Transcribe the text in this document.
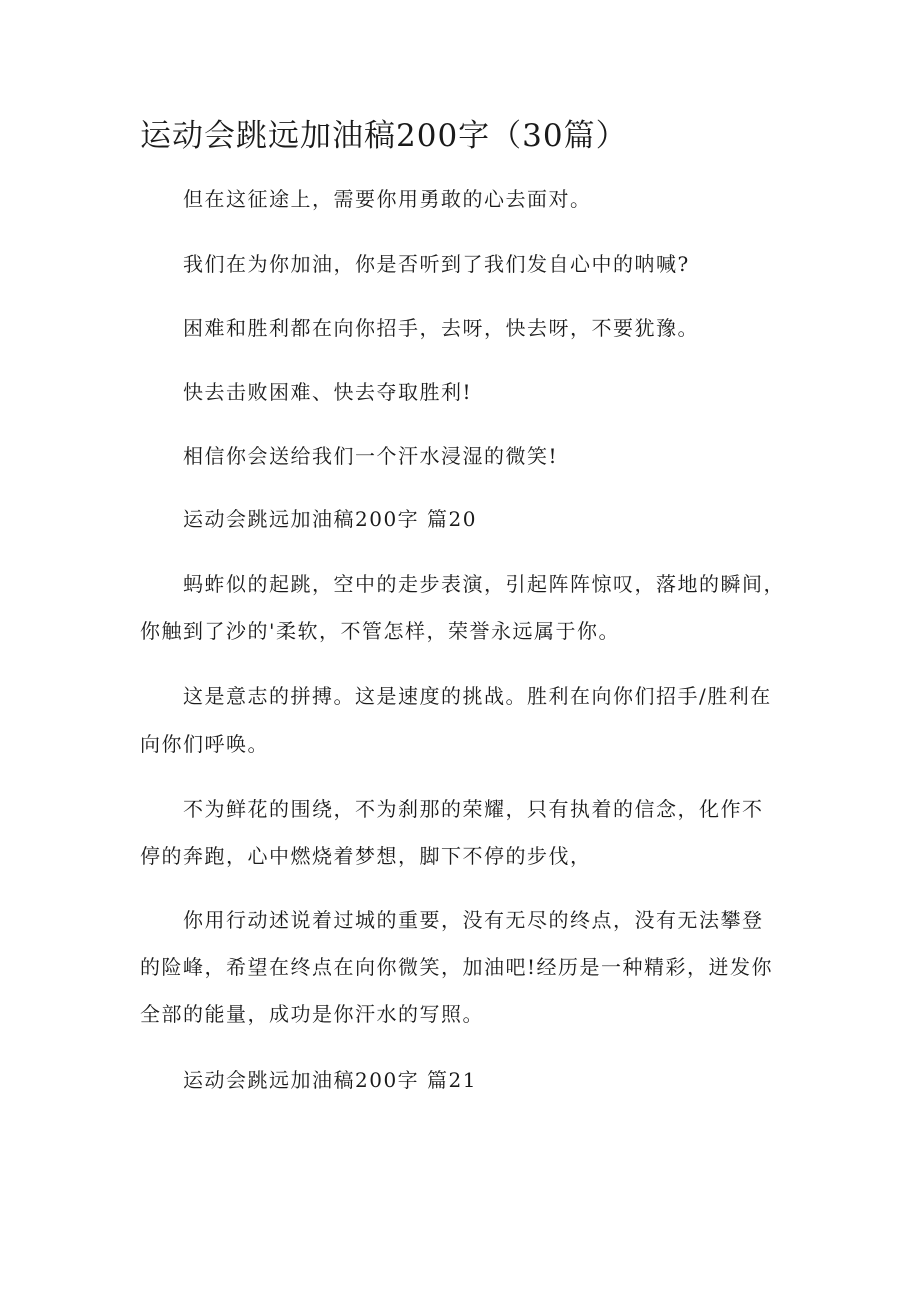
运动会跳远加油稿200字（30篇）

但在这征途上，需要你用勇敢的心去面对。

我们在为你加油，你是否听到了我们发自心中的呐喊?

困难和胜利都在向你招手，去呀，快去呀，不要犹豫。

快去击败困难、快去夺取胜利!

相信你会送给我们一个汗水浸湿的微笑!

运动会跳远加油稿200字 篇20

蚂蚱似的起跳，空中的走步表演，引起阵阵惊叹，落地的瞬间，

你触到了沙的'柔软，不管怎样，荣誉永远属于你。

这是意志的拼搏。这是速度的挑战。胜利在向你们招手/胜利在

向你们呼唤。

不为鲜花的围绕，不为刹那的荣耀，只有执着的信念，化作不

停的奔跑，心中燃烧着梦想，脚下不停的步伐，

你用行动述说着过城的重要，没有无尽的终点，没有无法攀登

的险峰，希望在终点在向你微笑，加油吧!经历是一种精彩，迸发你

全部的能量，成功是你汗水的写照。

运动会跳远加油稿200字 篇21
